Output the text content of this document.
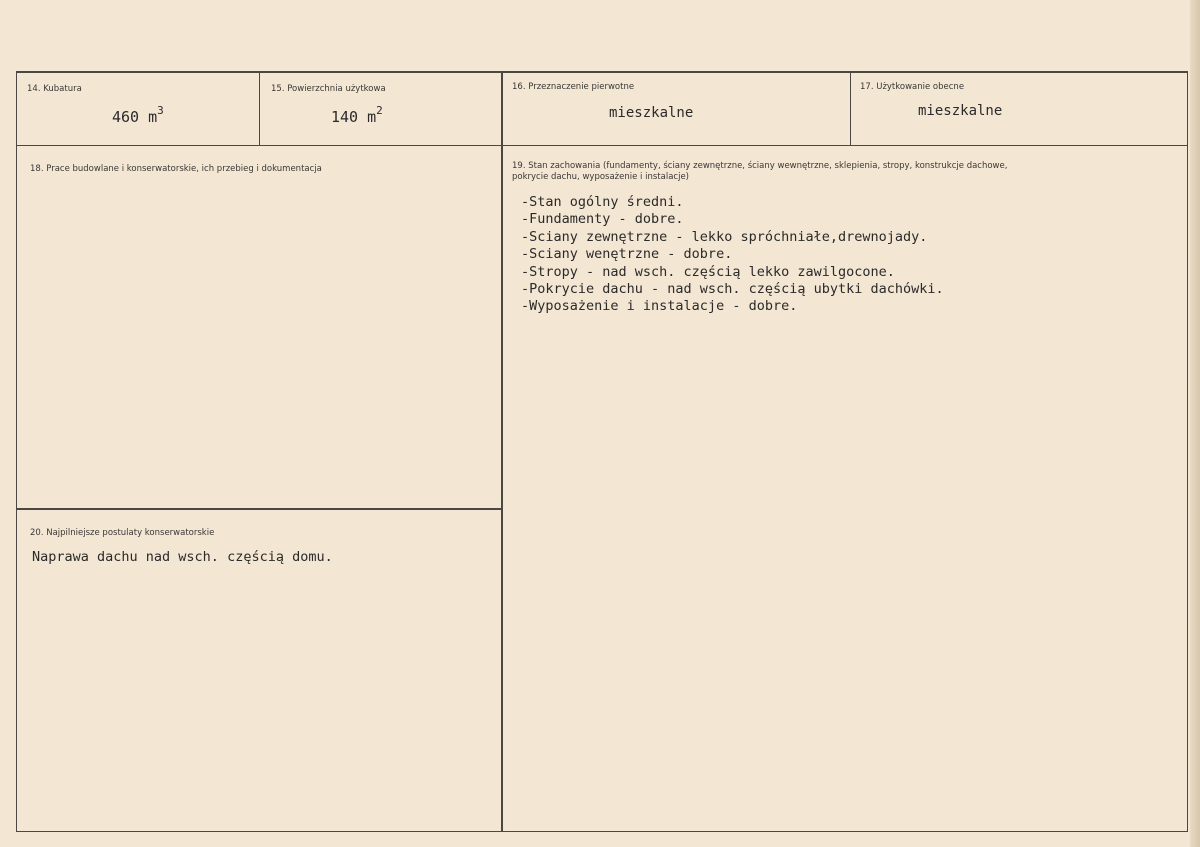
14. Kubatura
460 $m^3$
15. Powierzchnia użytkowa
140 $m^2$
16. Przeznaczenie pierwotne
mieszkalne
17. Użytkowanie obecne
mieszkalne
18. Prace budowlane i konserwatorskie, ich przebieg i dokumentacja	19. Stan zachowania (fundamenty, ściany zewnętrzne, ściany wewnętrzne, sklepienia, stropy, konstrukcje dachowe, pokrycie dachu, wyposażenie i instalacje)
-Stan ogólny średni.
-Fundamenty - dobre.
-Sciany zewnętrzne - lekko spróchniałe,drewnojady.
-Sciany wenętrzne - dobre.
-Stropy - nad wsch. częścią lekko zawilgocone.
-Pokrycie dachu - nad wsch. częścią ubytki dachówki.
-Wyposażenie i instalacje - dobre.
20. Najpilniejsze postulaty konserwatorskie
Naprawa dachu nad wsch. częścią domu.
